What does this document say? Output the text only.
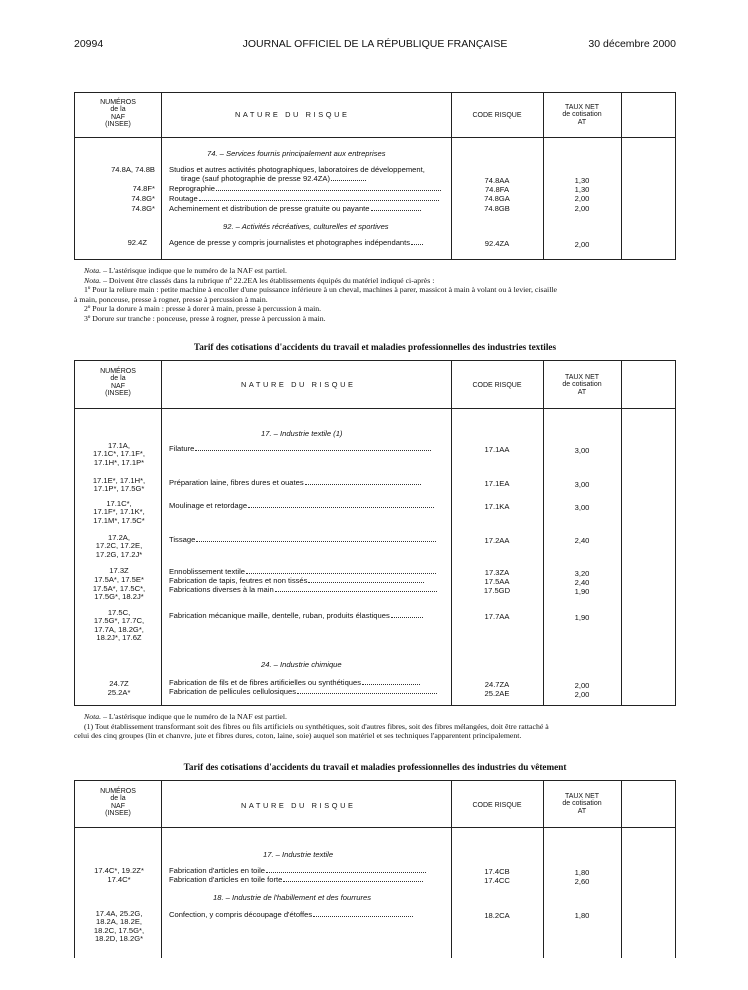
20994	JOURNAL OFFICIEL DE LA RÉPUBLIQUE FRANÇAISE	30 décembre 2000
NUMÉROS
de la
NAF
(INSEE)
NATURE DU RISQUE	CODE RISQUE
TAUX NET
de cotisation
AT
74. – Services fournis principalement aux entreprises
74.8A, 74.8B Studios et autres activités photographiques, laboratoires de développement,
tirage (sauf photographie de presse 92.4ZA)	74.8AA	1,30
74.8F* Reprographie	74.8FA	1,30
74.8G* Routage	74.8GA	2,00
74.8G* Acheminement et distribution de presse gratuite ou payante	74.8GB	2,00
92. – Activités récréatives, culturelles et sportives
92.4Z	Agence de presse y compris journalistes et photographes indépendants	92.4ZA	2,00

Nota. – L'astérisque indique que le numéro de la NAF est partiel.

Nota. – Doivent être classés dans la rubrique nº 22.2EA les établissements équipés du matériel indiqué ci-après :

1º Pour la reliure main : petite machine à encoller d'une puissance inférieure à un cheval, machines à parer, massicot à main à volant ou à levier, cisaille

à main, ponceuse, presse à rogner, presse à percussion à main.

2º Pour la dorure à main : presse à dorer à main, presse à percussion à main.

3º Dorure sur tranche : ponceuse, presse à rogner, presse à percussion à main.

Tarif des cotisations d'accidents du travail et maladies professionnelles des industries textiles
NUMÉROS
de la
NAF
(INSEE)
NATURE DU RISQUE	CODE RISQUE
TAUX NET
de cotisation
AT
17. – Industrie textile (1)
17.1A,
17.1C*, 17.1F*,
17.1H*, 17.1P*
Filature	17.1AA	3,00
17.1E*, 17.1H*,
17.1P*, 17.5G*
Préparation laine, fibres dures et ouates	17.1EA	3,00
17.1C*,
17.1F*, 17.1K*,
17.1M*, 17.5C*
Moulinage et retordage	17.1KA	3,00
17.2A,
17.2C, 17.2E,
17.2G, 17.2J*
Tissage	17.2AA	2,40
17.3Z	Ennoblissement textile	17.3ZA	3,20
17.5A*, 17.5E*	Fabrication de tapis, feutres et non tissés	17.5AA	2,40
17.5A*, 17.5C*,
17.5G*, 18.2J*
Fabrications diverses à la main	17.5GD	1,90
17.5C,
17.5G*, 17.7C,
17.7A, 18.2G*,
18.2J*, 17.6Z
Fabrication mécanique maille, dentelle, ruban, produits élastiques	17.7AA	1,90
24. – Industrie chimique
24.7Z	Fabrication de fils et de fibres artificielles ou synthétiques	24.7ZA	2,00
25.2A*	Fabrication de pellicules cellulosiques	25.2AE	2,00

Nota. – L'astérisque indique que le numéro de la NAF est partiel.

(1) Tout établissement transformant soit des fibres ou fils artificiels ou synthétiques, soit d'autres fibres, soit des fibres mélangées, doit être rattaché à

celui des cinq groupes (lin et chanvre, jute et fibres dures, coton, laine, soie) auquel son matériel et ses techniques l'apparentent principalement.

Tarif des cotisations d'accidents du travail et maladies professionnelles des industries du vêtement
NUMÉROS
de la
NAF
(INSEE)
NATURE DU RISQUE	CODE RISQUE
TAUX NET
de cotisation
AT
17. – Industrie textile
17.4C*, 19.2Z*	Fabrication d'articles en toile	17.4CB	1,80
17.4C*	Fabrication d'articles en toile forte	17.4CC	2,60
18. – Industrie de l'habillement et des fourrures
17.4A, 25.2G,
18.2A, 18.2E,
18.2C, 17.5G*,
18.2D, 18.2G*
Confection, y compris découpage d'étoffes	18.2CA	1,80
